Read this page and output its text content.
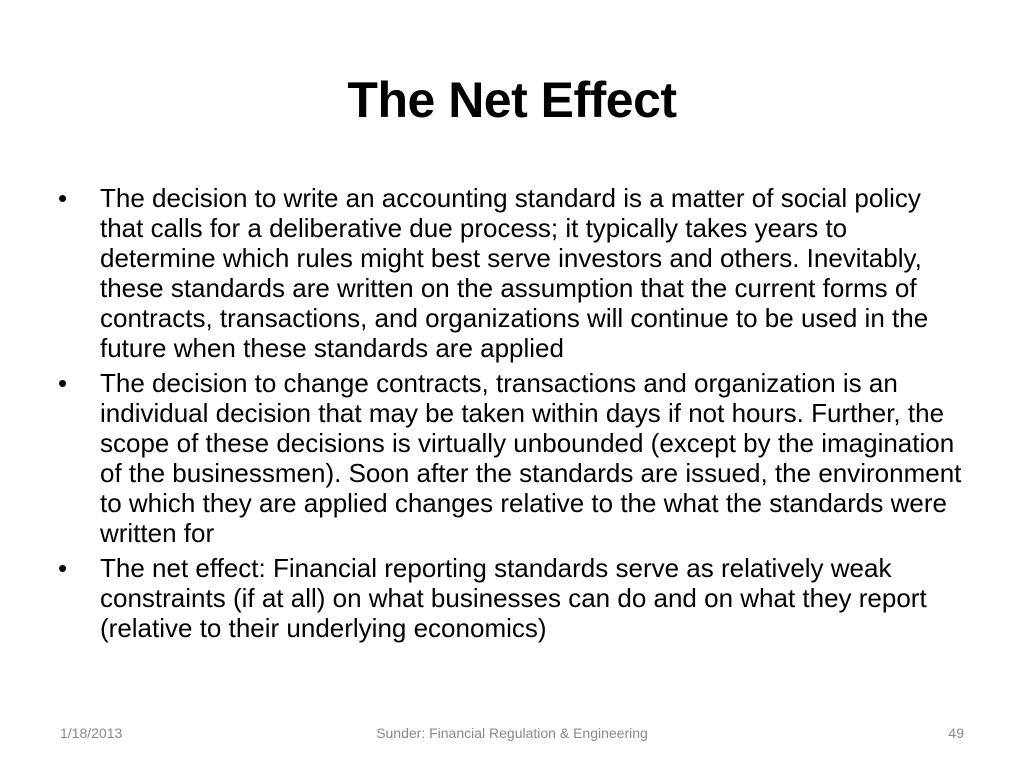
The Net Effect
• The decision to write an accounting standard is a matter of social policy that calls for a deliberative due process; it typically takes years to determine which rules might best serve investors and others. Inevitably, these standards are written on the assumption that the current forms of contracts, transactions, and organizations will continue to be used in the future when these standards are applied
• The decision to change contracts, transactions and organization is an individual decision that may be taken within days if not hours. Further, the scope of these decisions is virtually unbounded (except by the imagination of the businessmen). Soon after the standards are issued, the environment to which they are applied changes relative to the what the standards were written for
• The net effect: Financial reporting standards serve as relatively weak constraints (if at all) on what businesses can do and on what they report (relative to their underlying economics)
1/18/2013	Sunder: Financial Regulation & Engineering	49
